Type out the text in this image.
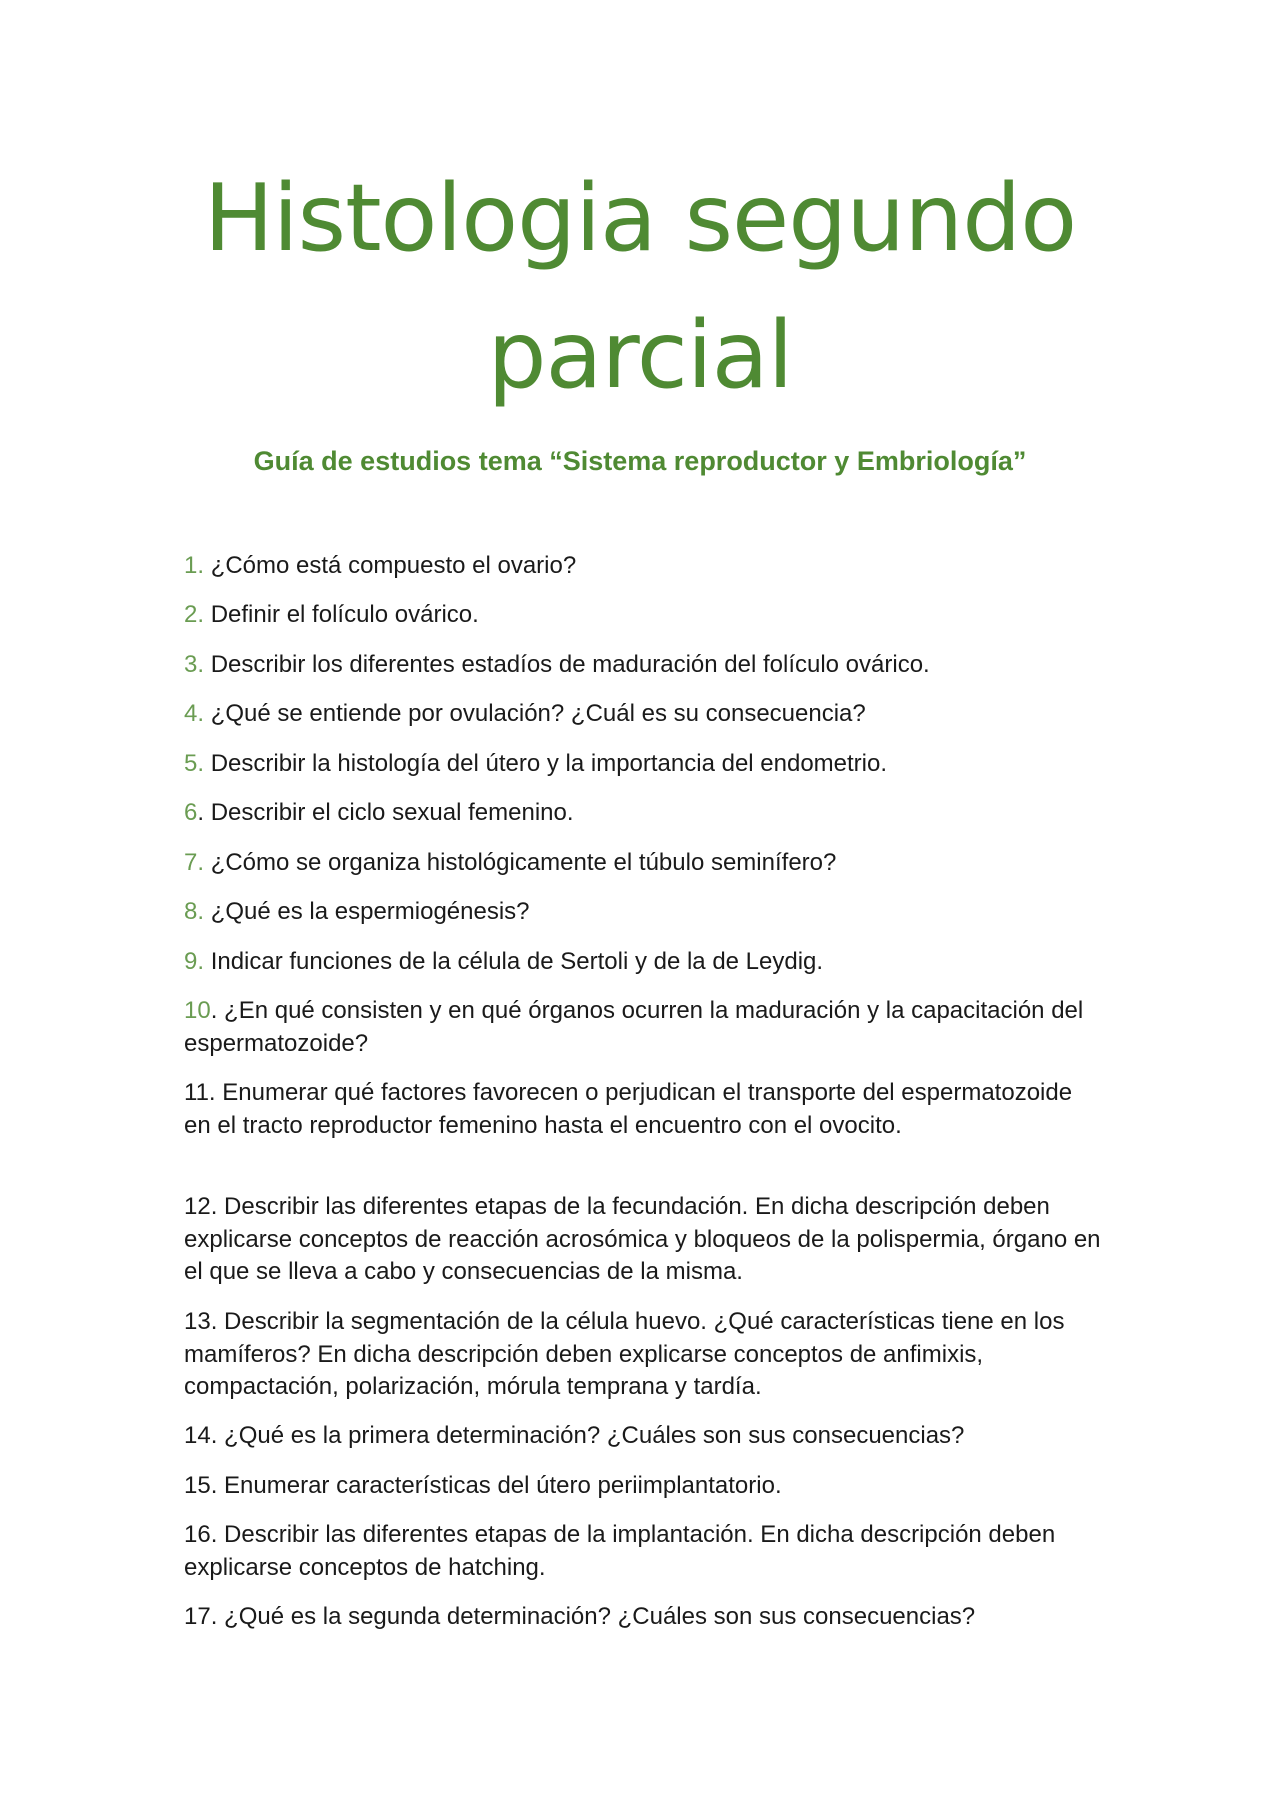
Histologia segundo
parcial
Guía de estudios tema “Sistema reproductor y Embriología”
1. ¿Cómo está compuesto el ovario?
2. Definir el folículo ovárico.
3. Describir los diferentes estadíos de maduración del folículo ovárico.
4. ¿Qué se entiende por ovulación? ¿Cuál es su consecuencia?
5. Describir la histología del útero y la importancia del endometrio.
6. Describir el ciclo sexual femenino.
7. ¿Cómo se organiza histológicamente el túbulo seminífero?
8. ¿Qué es la espermiogénesis?
9. Indicar funciones de la célula de Sertoli y de la de Leydig.
10. ¿En qué consisten y en qué órganos ocurren la maduración y la capacitación del espermatozoide?
11. Enumerar qué factores favorecen o perjudican el transporte del espermatozoide en el tracto reproductor femenino hasta el encuentro con el ovocito.
12. Describir las diferentes etapas de la fecundación. En dicha descripción deben explicarse conceptos de reacción acrosómica y bloqueos de la polispermia, órgano en el que se lleva a cabo y consecuencias de la misma.
13. Describir la segmentación de la célula huevo. ¿Qué características tiene en los mamíferos? En dicha descripción deben explicarse conceptos de anfimixis, compactación, polarización, mórula temprana y tardía.
14. ¿Qué es la primera determinación? ¿Cuáles son sus consecuencias?
15. Enumerar características del útero periimplantatorio.
16. Describir las diferentes etapas de la implantación. En dicha descripción deben explicarse conceptos de hatching.
17. ¿Qué es la segunda determinación? ¿Cuáles son sus consecuencias?
